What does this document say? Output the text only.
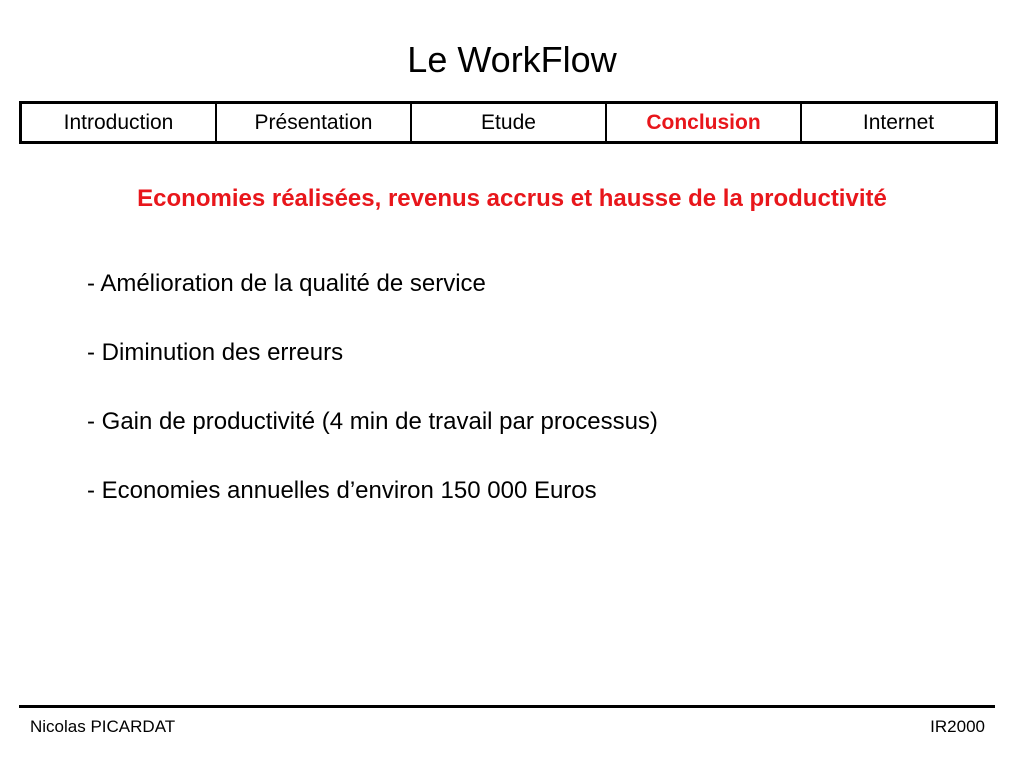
Le WorkFlow
Introduction	Présentation	Etude	Conclusion	Internet
Economies réalisées, revenus accrus et hausse de la productivité
- Amélioration de la qualité de service
- Diminution des erreurs
- Gain de productivité (4 min de travail par processus)
- Economies annuelles d’environ 150 000 Euros
Nicolas PICARDAT	IR2000
